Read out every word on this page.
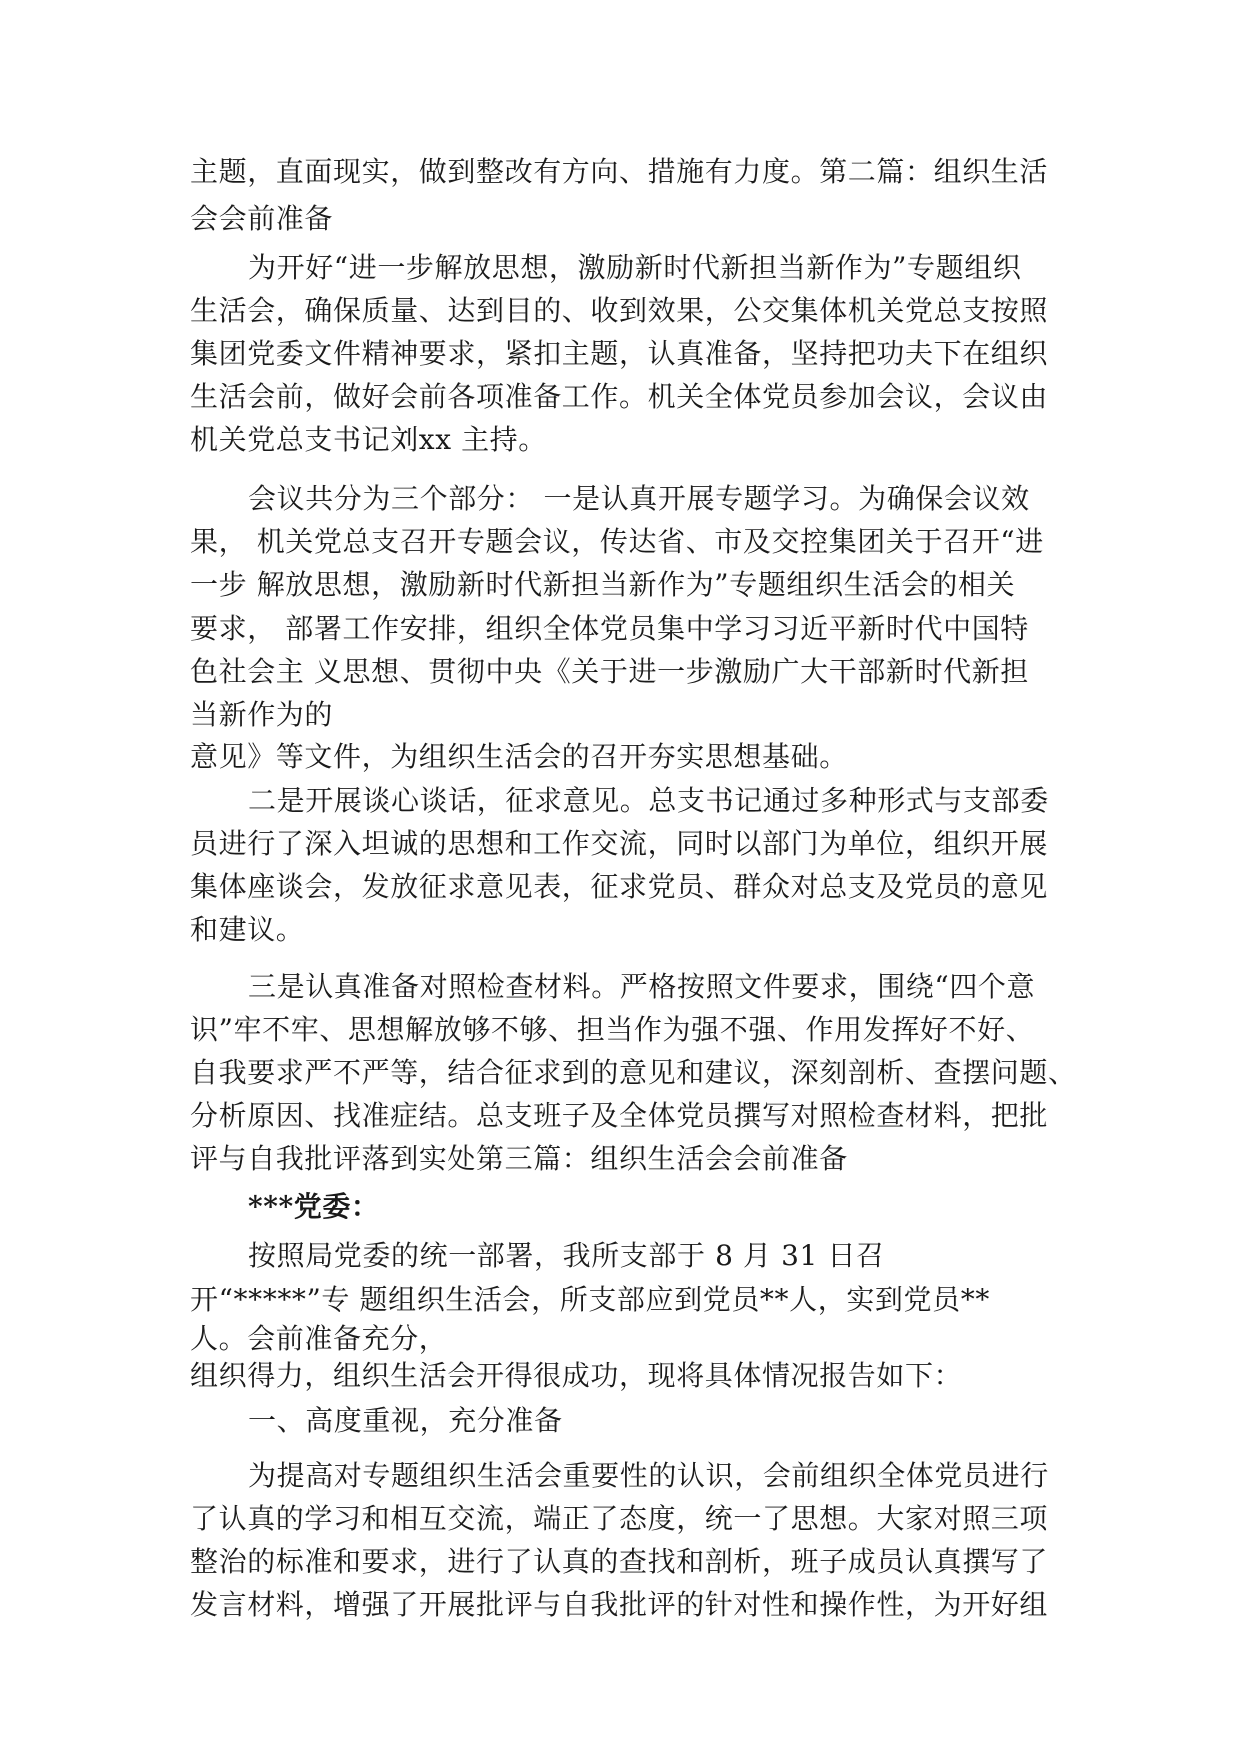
主题，直面现实，做到整改有方向、措施有力度。第二篇：组织生活

会会前准备

为开好“进一步解放思想，激励新时代新担当新作为”专题组织

生活会，确保质量、达到目的、收到效果，公交集体机关党总支按照

集团党委文件精神要求，紧扣主题，认真准备，坚持把功夫下在组织

生活会前，做好会前各项准备工作。机关全体党员参加会议，会议由

机关党总支书记刘xx 主持。

会议共分为三个部分： 一是认真开展专题学习。为确保会议效

果， 机关党总支召开专题会议，传达省、市及交控集团关于召开“进

一步 解放思想，激励新时代新担当新作为”专题组织生活会的相关

要求， 部署工作安排，组织全体党员集中学习习近平新时代中国特

色社会主 义思想、贯彻中央《关于进一步激励广大干部新时代新担

当新作为的

意见》等文件，为组织生活会的召开夯实思想基础。

二是开展谈心谈话，征求意见。总支书记通过多种形式与支部委

员进行了深入坦诚的思想和工作交流，同时以部门为单位，组织开展

集体座谈会，发放征求意见表，征求党员、群众对总支及党员的意见

和建议。

三是认真准备对照检查材料。严格按照文件要求，围绕“四个意

识”牢不牢、思想解放够不够、担当作为强不强、作用发挥好不好、

自我要求严不严等，结合征求到的意见和建议，深刻剖析、查摆问题、

分析原因、找准症结。总支班子及全体党员撰写对照检查材料，把批

评与自我批评落到实处第三篇：组织生活会会前准备

***党委：

按照局党委的统一部署，我所支部于 8 月 31 日召

开“*****”专 题组织生活会，所支部应到党员**人，实到党员**

人。会前准备充分，

组织得力，组织生活会开得很成功，现将具体情况报告如下：

一、高度重视，充分准备

为提高对专题组织生活会重要性的认识，会前组织全体党员进行

了认真的学习和相互交流，端正了态度，统一了思想。大家对照三项

整治的标准和要求，进行了认真的查找和剖析，班子成员认真撰写了

发言材料，增强了开展批评与自我批评的针对性和操作性，为开好组
